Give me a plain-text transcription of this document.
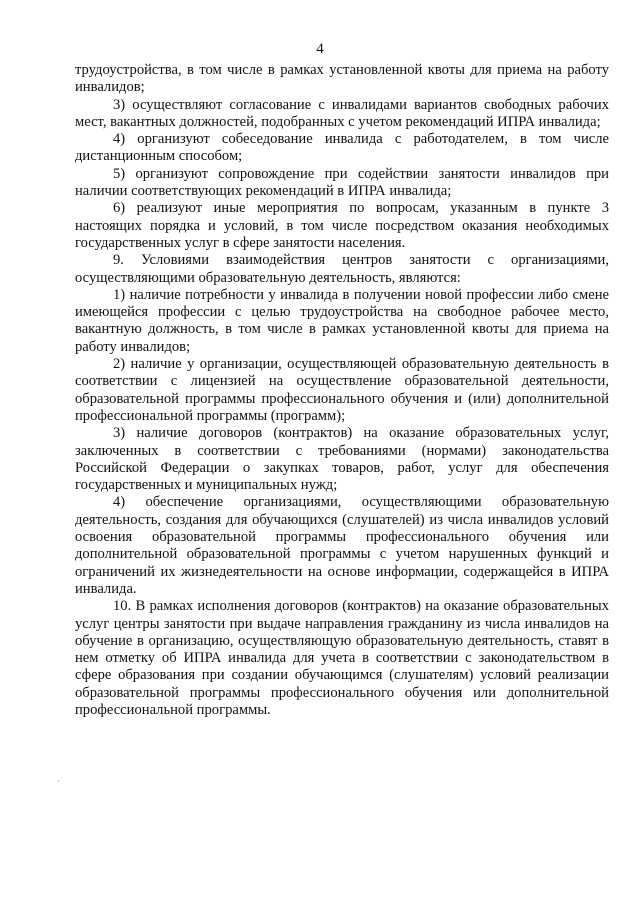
4

трудоустройства, в том числе в рамках установленной квоты для приема на работу инвалидов;

3) осуществляют согласование с инвалидами вариантов свободных рабочих мест, вакантных должностей, подобранных с учетом рекомендаций ИПРА инвалида;

4) организуют собеседование инвалида с работодателем, в том числе дистанционным способом;

5) организуют сопровождение при содействии занятости инвалидов при наличии соответствующих рекомендаций в ИПРА инвалида;

6) реализуют иные мероприятия по вопросам, указанным в пункте 3 настоящих порядка и условий, в том числе посредством оказания необходимых государственных услуг в сфере занятости населения.

9. Условиями взаимодействия центров занятости с организациями, осуществляющими образовательную деятельность, являются:

1) наличие потребности у инвалида в получении новой профессии либо смене имеющейся профессии с целью трудоустройства на свободное рабочее место, вакантную должность, в том числе в рамках установленной квоты для приема на работу инвалидов;

2) наличие у организации, осуществляющей образовательную деятельность в соответствии с лицензией на осуществление образовательной деятельности, образовательной программы профессионального обучения и (или) дополнительной профессиональной программы (программ);

3) наличие договоров (контрактов) на оказание образовательных услуг, заключенных в соответствии с требованиями (нормами) законодательства Российской Федерации о закупках товаров, работ, услуг для обеспечения государственных и муниципальных нужд;

4) обеспечение организациями, осуществляющими образовательную деятельность, создания для обучающихся (слушателей) из числа инвалидов условий освоения образовательной программы профессионального обучения или дополнительной образовательной программы с учетом нарушенных функций и ограничений их жизнедеятельности на основе информации, содержащейся в ИПРА инвалида.

10. В рамках исполнения договоров (контрактов) на оказание образовательных услуг центры занятости при выдаче направления гражданину из числа инвалидов на обучение в организацию, осуществляющую образовательную деятельность, ставят в нем отметку об ИПРА инвалида для учета в соответствии с законодательством в сфере образования при создании обучающимся (слушателям) условий реализации образовательной программы профессионального обучения или дополнительной профессиональной программы.
